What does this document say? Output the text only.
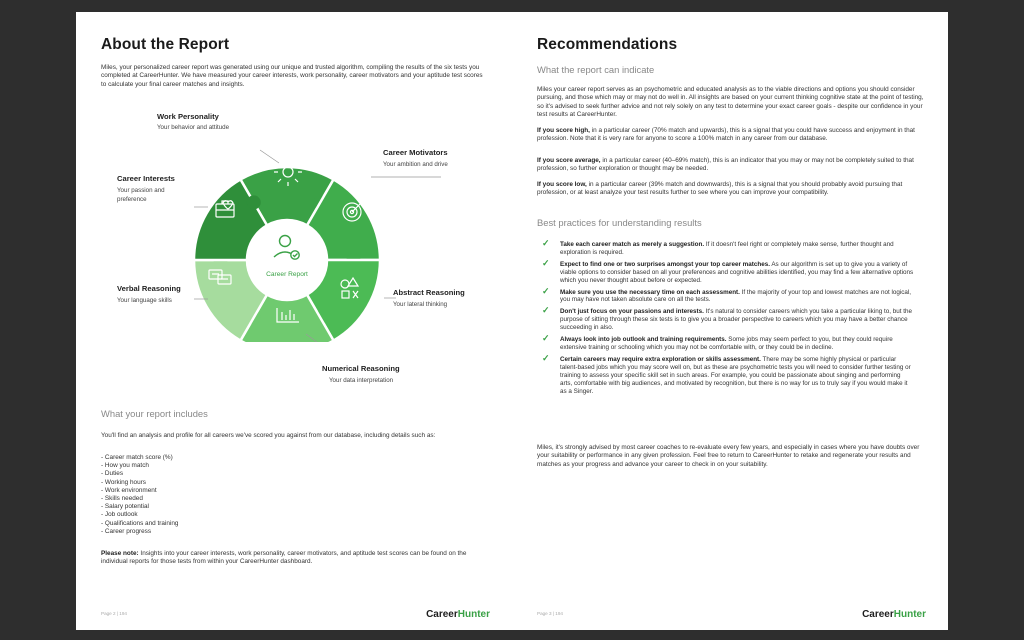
About the Report
Miles, your personalized career report was generated using our unique and trusted algorithm, compiling the results of the six tests you completed at CareerHunter. We have measured your career interests, work personality, career motivators and your aptitude test scores to calculate your final career matches and insights.
Career Report
Work Personality
Your behavior and attitude
Career Interests
Your passion and preference
Career Motivators
Your ambition and drive
Abstract Reasoning
Your lateral thinking
Numerical Reasoning
Your data interpretation
Verbal Reasoning
Your language skills
What your report includes
You'll find an analysis and profile for all careers we've scored you against from our database, including details such as:
- Career match score (%)
- How you match
- Duties
- Working hours
- Work environment
- Skills needed
- Salary potential
- Job outlook
- Qualifications and training
- Career progress
Please note: Insights into your career interests, work personality, career motivators, and aptitude test scores can be found on the individual reports for those tests from within your CareerHunter dashboard.
Page 2 | 194	CareerHunter
Recommendations
What the report can indicate
Miles your career report serves as an psychometric and educated analysis as to the viable directions and options you should consider pursuing, and those which may or may not do well in. All insights are based on your current thinking cognitive state at the point of testing, so it's advised to seek further advice and not rely solely on any test to determine your exact career goals - despite our confidence in your test results at CareerHunter.
If you score high, in a particular career (70% match and upwards), this is a signal that you could have success and enjoyment in that profession. Note that it is very rare for anyone to score a 100% match in any career from our database.
If you score average, in a particular career (40–69% match), this is an indicator that you may or may not be completely suited to that profession, so further exploration or thought may be needed.
If you score low, in a particular career (39% match and downwards), this is a signal that you should probably avoid pursuing that profession, or at least analyze your test results further to see where you can improve your compatibility.
Best practices for understanding results
✓ Take each career match as merely a suggestion. If it doesn't feel right or completely make sense, further thought and exploration is required.
✓ Expect to find one or two surprises amongst your top career matches. As our algorithm is set up to give you a variety of viable options to consider based on all your preferences and cognitive abilities identified, you may find a few alternative options which you never thought about before or expected.
✓ Make sure you use the necessary time on each assessment. If the majority of your top and lowest matches are not logical, you may have not taken absolute care on all the tests.
✓ Don't just focus on your passions and interests. It's natural to consider careers which you take a particular liking to, but the purpose of sitting through these six tests is to give you a broader perspective to careers which you may have a better chance succeeding in also.
✓ Always look into job outlook and training requirements. Some jobs may seem perfect to you, but they could require extensive training or schooling which you may not be comfortable with, or they could be in decline.
✓ Certain careers may require extra exploration or skills assessment. There may be some highly physical or particular talent-based jobs which you may score well on, but as these are psychometric tests you will need to consider further testing or training to assess your specific skill set in such areas. For example, you could be passionate about singing and performing arts, comfortable with big audiences, and motivated by recognition, but there is no way for us to truly say if you would make it as a Singer.
Miles, it's strongly advised by most career coaches to re-evaluate every few years, and especially in cases where you have doubts over your suitability or performance in any given profession. Feel free to return to CareerHunter to retake and regenerate your results and matches as your progress and advance your career to check in on your suitability.
Page 3 | 194	CareerHunter
